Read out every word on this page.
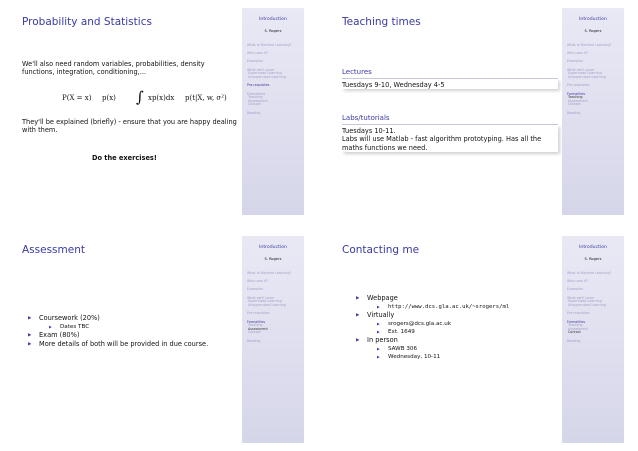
Probability and Statistics
We'll also need random variables, probabilities, density functions, integration, conditioning,...
P(X = x) p(x) ∫ xp(x)dx p(t|X, w, σ²)
They'll be explained (briefly) - ensure that you are happy dealing with them.
Do the exercises!
Introduction
S. Rogers
What is Machine Learning?
Who uses it?
Examples
What we'll cover
Supervised Learning
Unsupervised Learning
Pre-requisites
Formalities
Teaching
Assessment
Contact
Reading
Teaching times
Lectures
Tuesdays 9-10, Wednesday 4-5
Labs/tutorials
Tuesdays 10-11.
Labs will use Matlab - fast algorithm prototyping. Has all the maths functions we need.
Introduction
S. Rogers
What is Machine Learning?
Who uses it?
Examples
What we'll cover
Supervised Learning
Unsupervised Learning
Pre-requisites
Formalities
Teaching
Assessment
Contact
Reading
Assessment
▶ Coursework (20%)
▶ Dates TBC
▶ Exam (80%)
▶ More details of both will be provided in due course.
Introduction
S. Rogers
What is Machine Learning?
Who uses it?
Examples
What we'll cover
Supervised Learning
Unsupervised Learning
Pre-requisites
Formalities
Teaching
Assessment
Contact
Reading
Contacting me
▶ Webpage
▶ http://www.dcs.gla.ac.uk/~srogers/ml
▶ Virtually
▶ srogers@dcs.gla.ac.uk
▶ Ext. 1649
▶ In person
▶ SAWB 306
▶ Wednesday, 10-11
Introduction
S. Rogers
What is Machine Learning?
Who uses it?
Examples
What we'll cover
Supervised Learning
Unsupervised Learning
Pre-requisites
Formalities
Teaching
Assessment
Contact
Reading
